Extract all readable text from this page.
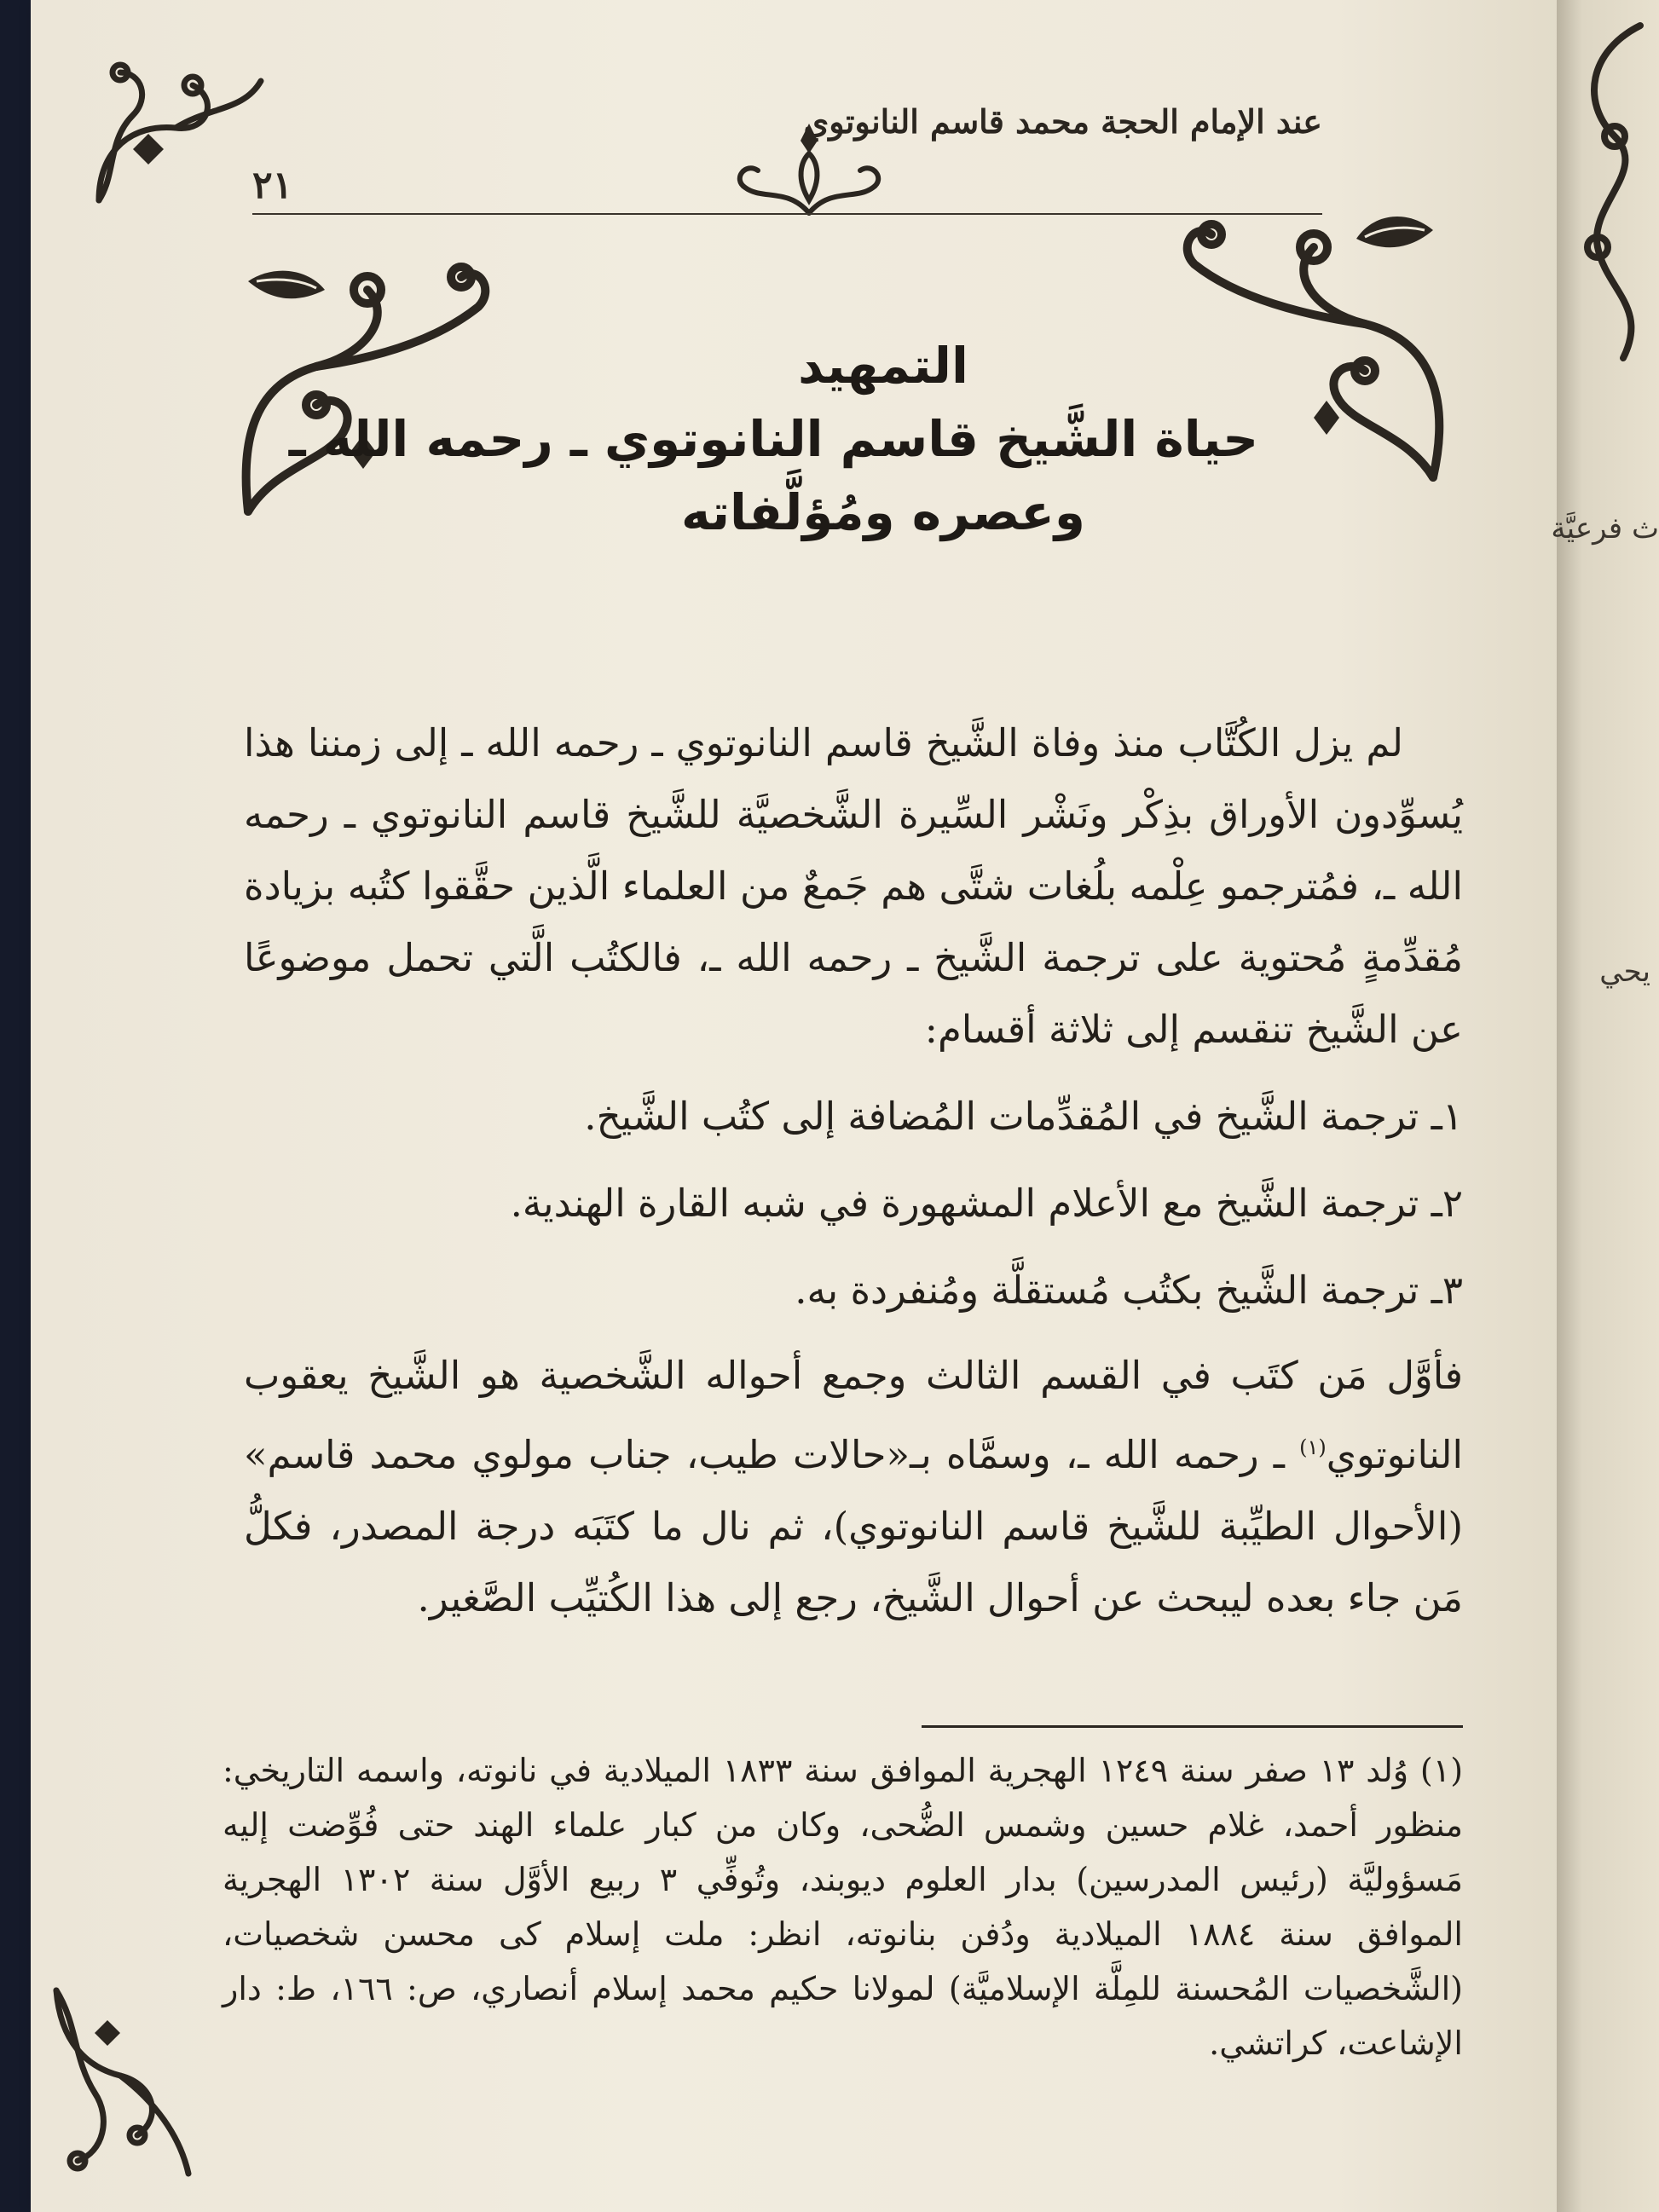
عند الإمام الحجة محمد قاسم النانوتوي
٢١
التمهيد
حياة الشَّيخ قاسم النانوتوي ـ رحمه الله ـ
وعصره ومُؤلَّفاته

لم يزل الكُتَّاب منذ وفاة الشَّيخ قاسم النانوتوي ـ رحمه الله ـ إلى زمننا هذا يُسوِّدون الأوراق بذِكْر ونَشْر السِّيرة الشَّخصيَّة للشَّيخ قاسم النانوتوي ـ رحمه الله ـ، فمُترجمو عِلْمه بلُغات شتَّى هم جَمعٌ من العلماء الَّذين حقَّقوا كتُبه بزيادة مُقدِّمةٍ مُحتوية على ترجمة الشَّيخ ـ رحمه الله ـ، فالكتُب الَّتي تحمل موضوعًا عن الشَّيخ تنقسم إلى ثلاثة أقسام:

١ـ ترجمة الشَّيخ في المُقدِّمات المُضافة إلى كتُب الشَّيخ.

٢ـ ترجمة الشَّيخ مع الأعلام المشهورة في شبه القارة الهندية.

٣ـ ترجمة الشَّيخ بكتُب مُستقلَّة ومُنفردة به.

فأوَّل مَن كتَب في القسم الثالث وجمع أحواله الشَّخصية هو الشَّيخ يعقوب النانوتوي$^{(١)}$ ـ رحمه الله ـ، وسمَّاه بـ«حالات طيب، جناب مولوي محمد قاسم» (الأحوال الطيِّبة للشَّيخ قاسم النانوتوي)، ثم نال ما كتَبَه درجة المصدر، فكلُّ مَن جاء بعده ليبحث عن أحوال الشَّيخ، رجع إلى هذا الكُتيِّب الصَّغير.

(١) وُلد ١٣ صفر سنة ١٢٤٩ الهجرية الموافق سنة ١٨٣٣ الميلادية في نانوته، واسمه التاريخي: منظور أحمد، غلام حسين وشمس الضُّحى، وكان من كبار علماء الهند حتى فُوِّضت إليه مَسؤوليَّة (رئيس المدرسين) بدار العلوم ديوبند، وتُوفِّي ٣ ربيع الأوَّل سنة ١٣٠٢ الهجرية الموافق سنة ١٨٨٤ الميلادية ودُفن بنانوته، انظر: ملت إسلام كى محسن شخصيات، (الشَّخصيات المُحسنة للمِلَّة الإسلاميَّة) لمولانا حكيم محمد إسلام أنصاري، ص: ١٦٦، ط: دار الإشاعت، كراتشي.

ث فرعيَّة
يحي
